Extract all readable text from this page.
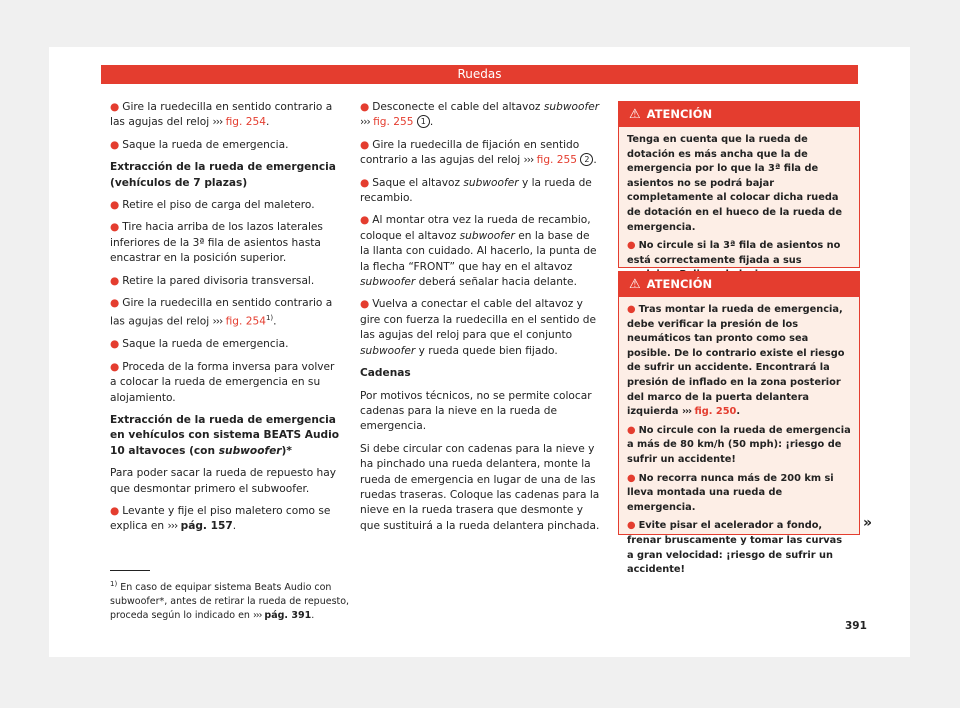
Ruedas

● Gire la ruedecilla en sentido contrario a las agujas del reloj ››› fig. 254.

● Saque la rueda de emergencia.

Extracción de la rueda de emergencia (vehículos de 7 plazas)

● Retire el piso de carga del maletero.

● Tire hacia arriba de los lazos laterales inferiores de la 3ª fila de asientos hasta encastrar en la posición superior.

● Retire la pared divisoria transversal.

● Gire la ruedecilla en sentido contrario a las agujas del reloj ››› fig. 254$^{1)}$.

● Saque la rueda de emergencia.

● Proceda de la forma inversa para volver a colocar la rueda de emergencia en su alojamiento.

Extracción de la rueda de emergencia en vehículos con sistema BEATS Audio 10 altavoces (con subwoofer)*

Para poder sacar la rueda de repuesto hay que desmontar primero el subwoofer.

● Levante y fije el piso maletero como se explica en ››› pág. 157.

● Desconecte el cable del altavoz subwoofer ››› fig. 255 1 .

● Gire la ruedecilla de fijación en sentido contrario a las agujas del reloj ››› fig. 255 2 .

● Saque el altavoz subwoofer y la rueda de recambio.

● Al montar otra vez la rueda de recambio, coloque el altavoz subwoofer en la base de la llanta con cuidado. Al hacerlo, la punta de la flecha “FRONT” que hay en el altavoz subwoofer deberá señalar hacia delante.

● Vuelva a conectar el cable del altavoz y gire con fuerza la ruedecilla en el sentido de las agujas del reloj para que el conjunto subwoofer y rueda quede bien fijado.

Cadenas

Por motivos técnicos, no se permite colocar cadenas para la nieve en la rueda de emergencia.

Si debe circular con cadenas para la nieve y ha pinchado una rueda delantera, monte la rueda de emergencia en lugar de una de las ruedas traseras. Coloque las cadenas para la nieve en la rueda trasera que desmonte y que sustituirá a la rueda delantera pinchada.

⚠ ATENCIÓN

Tenga en cuenta que la rueda de dotación es más ancha que la de emergencia por lo que la 3ª fila de asientos no se podrá bajar completamente al colocar dicha rueda de dotación en el hueco de la rueda de emergencia.

● No circule si la 3ª fila de asientos no está correctamente fijada a sus

⚠ ATENCIÓN

● Tras montar la rueda de emergencia, debe verificar la presión de los neumáticos tan pronto como sea posible. De lo contrario existe el riesgo de sufrir un accidente. Encontrará la presión de inflado en la zona posterior del marco de la puerta delantera izquierda ››› fig. 250.

● No circule con la rueda de emergencia a más de 80 km/h (50 mph): ¡riesgo de sufrir un accidente!

● No recorra nunca más de 200 km si lleva montada una rueda de emergencia.

● Evite pisar el acelerador a fondo, frenar bruscamente y tomar las curvas a gran velocidad: ¡riesgo de sufrir un accidente!

»
$^{1)}$ En caso de equipar sistema Beats Audio con subwoofer*, antes de retirar la rueda de repuesto, proceda según lo indicado en ››› pág. 391.
391
